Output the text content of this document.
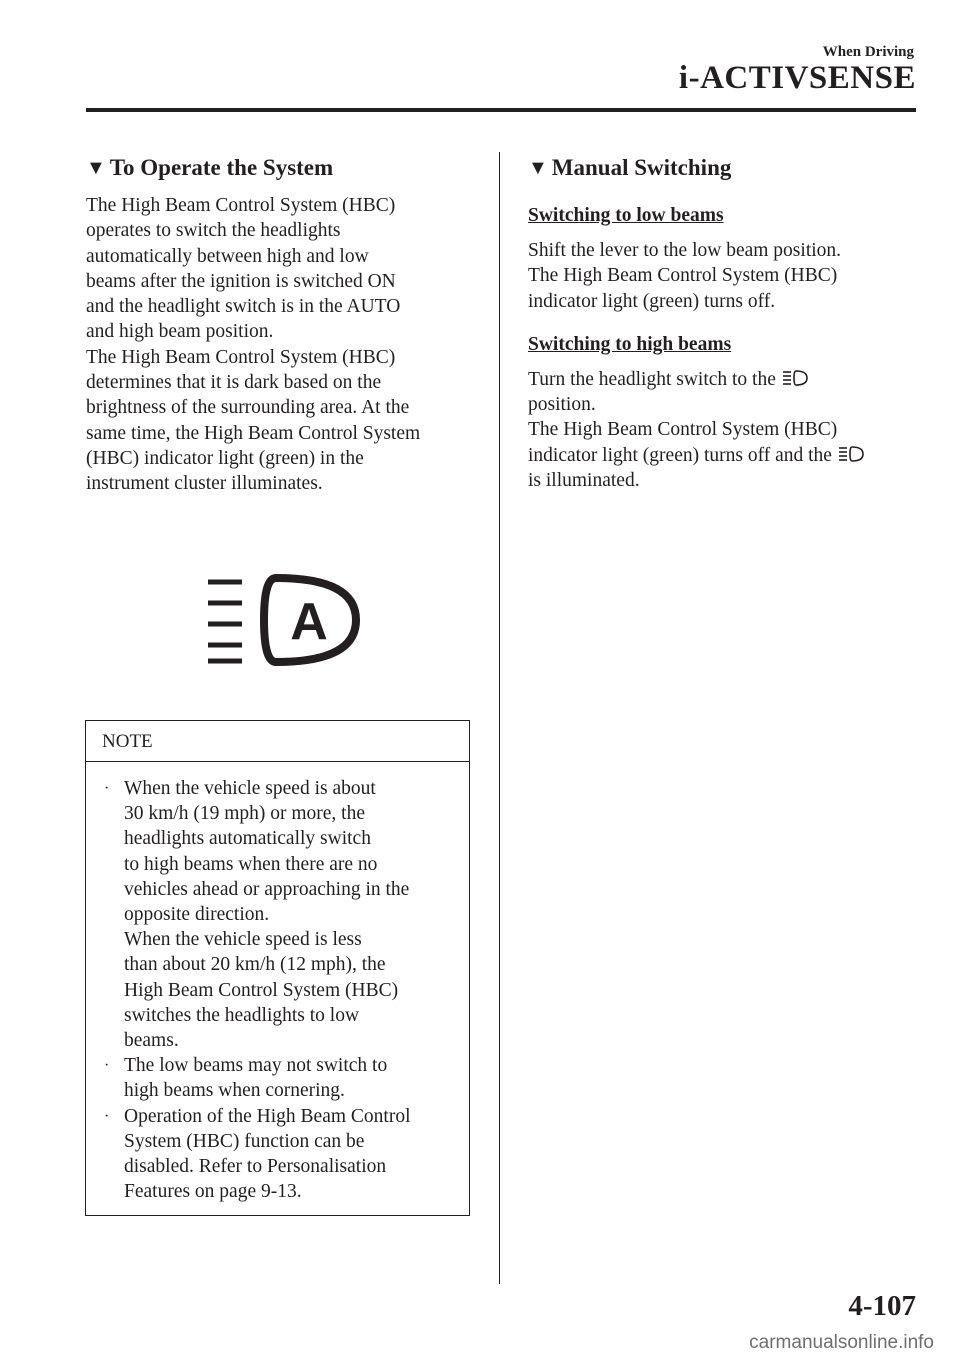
When Driving
i-ACTIVSENSE
▼ To Operate the System
The High Beam Control System (HBC)
operates to switch the headlights
automatically between high and low
beams after the ignition is switched ON
and the headlight switch is in the AUTO
and high beam position.
The High Beam Control System (HBC)
determines that it is dark based on the
brightness of the surrounding area. At the
same time, the High Beam Control System
(HBC) indicator light (green) in the
instrument cluster illuminates.
A
NOTE
· When the vehicle speed is about
30 km/h (19 mph) or more, the
headlights automatically switch
to high beams when there are no
vehicles ahead or approaching in the
opposite direction.
When the vehicle speed is less
than about 20 km/h (12 mph), the
High Beam Control System (HBC)
switches the headlights to low
beams.
· The low beams may not switch to
high beams when cornering.
· Operation of the High Beam Control
System (HBC) function can be
disabled. Refer to Personalisation
Features on page 9-13.
▼ Manual Switching
Switching to low beams
Shift the lever to the low beam position.
The High Beam Control System (HBC)
indicator light (green) turns off.
Switching to high beams
Turn the headlight switch to the
position.
The High Beam Control System (HBC)
indicator light (green) turns off and the
is illuminated.
4-107
carmanualsonline.info
